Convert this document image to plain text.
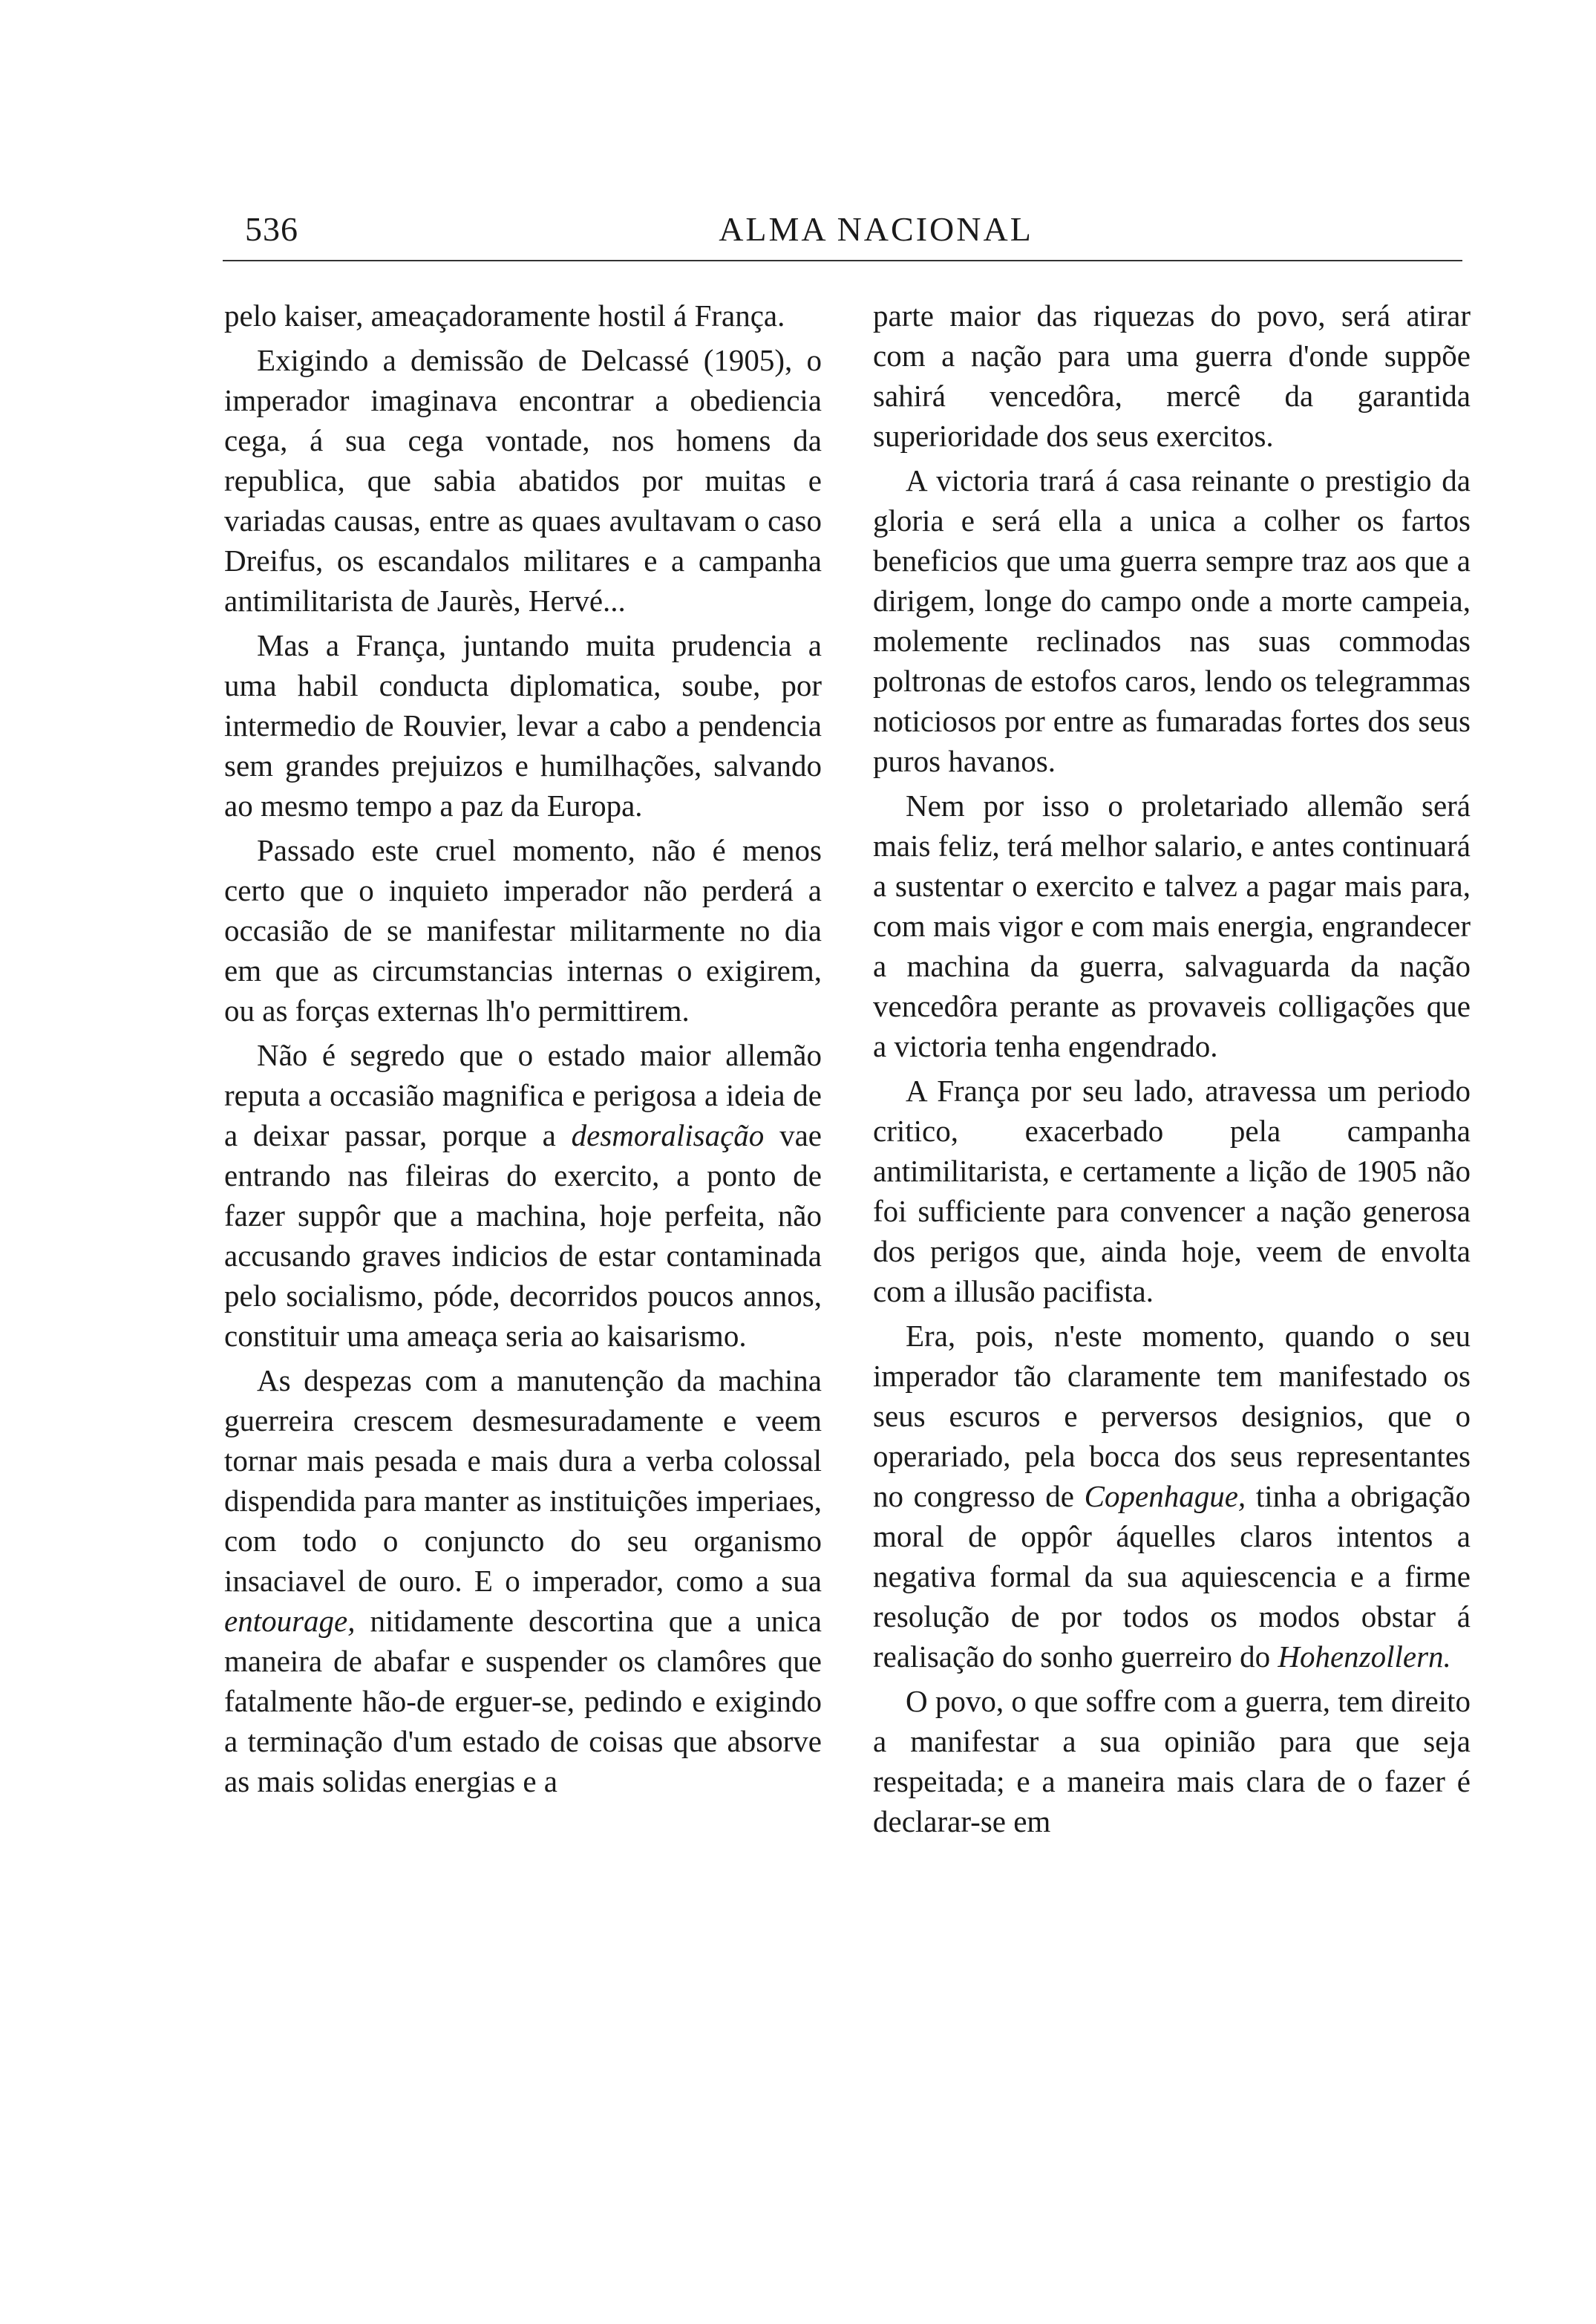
536	ALMA NACIONAL

pelo kaiser, ameaçadoramente hostil á França.

Exigindo a demissão de Delcassé (1905), o imperador imaginava encontrar a obediencia cega, á sua cega vontade, nos homens da republica, que sabia abatidos por muitas e variadas causas, entre as quaes avultavam o caso Dreifus, os escandalos militares e a campanha antimilitarista de Jaurès, Hervé...

Mas a França, juntando muita prudencia a uma habil conducta diplomatica, soube, por intermedio de Rouvier, levar a cabo a pendencia sem grandes prejuizos e humilhações, salvando ao mesmo tempo a paz da Europa.

Passado este cruel momento, não é menos certo que o inquieto imperador não perderá a occasião de se manifestar militarmente no dia em que as circumstancias internas o exigirem, ou as forças externas lh'o permittirem.

Não é segredo que o estado maior allemão reputa a occasião magnifica e perigosa a ideia de a deixar passar, porque a desmoralisação vae entrando nas fileiras do exercito, a ponto de fazer suppôr que a machina, hoje perfeita, não accusando graves indicios de estar contaminada pelo socialismo, póde, decorridos poucos annos, constituir uma ameaça seria ao kaisarismo.

As despezas com a manutenção da machina guerreira crescem desmesuradamente e veem tornar mais pesada e mais dura a verba colossal dispendida para manter as instituições imperiaes, com todo o conjuncto do seu organismo insaciavel de ouro. E o imperador, como a sua entourage, nitidamente descortina que a unica maneira de abafar e suspender os clamôres que fatalmente hão-de erguer-se, pedindo e exigindo a terminação d'um estado de coisas que absorve as mais solidas energias e a

parte maior das riquezas do povo, será atirar com a nação para uma guerra d'onde suppõe sahirá vencedôra, mercê da garantida superioridade dos seus exercitos.

A victoria trará á casa reinante o prestigio da gloria e será ella a unica a colher os fartos beneficios que uma guerra sempre traz aos que a dirigem, longe do campo onde a morte campeia, molemente reclinados nas suas commodas poltronas de estofos caros, lendo os telegrammas noticiosos por entre as fumaradas fortes dos seus puros havanos.

Nem por isso o proletariado allemão será mais feliz, terá melhor salario, e antes continuará a sustentar o exercito e talvez a pagar mais para, com mais vigor e com mais energia, engrandecer a machina da guerra, salvaguarda da nação vencedôra perante as provaveis colligações que a victoria tenha engendrado.

A França por seu lado, atravessa um periodo critico, exacerbado pela campanha antimilitarista, e certamente a lição de 1905 não foi sufficiente para convencer a nação generosa dos perigos que, ainda hoje, veem de envolta com a illusão pacifista.

Era, pois, n'este momento, quando o seu imperador tão claramente tem manifestado os seus escuros e perversos designios, que o operariado, pela bocca dos seus representantes no congresso de Copenhague, tinha a obrigação moral de oppôr áquelles claros intentos a negativa formal da sua aquiescencia e a firme resolução de por todos os modos obstar á realisação do sonho guerreiro do Hohenzollern.

O povo, o que soffre com a guerra, tem direito a manifestar a sua opinião para que seja respeitada; e a maneira mais clara de o fazer é declarar-se em
